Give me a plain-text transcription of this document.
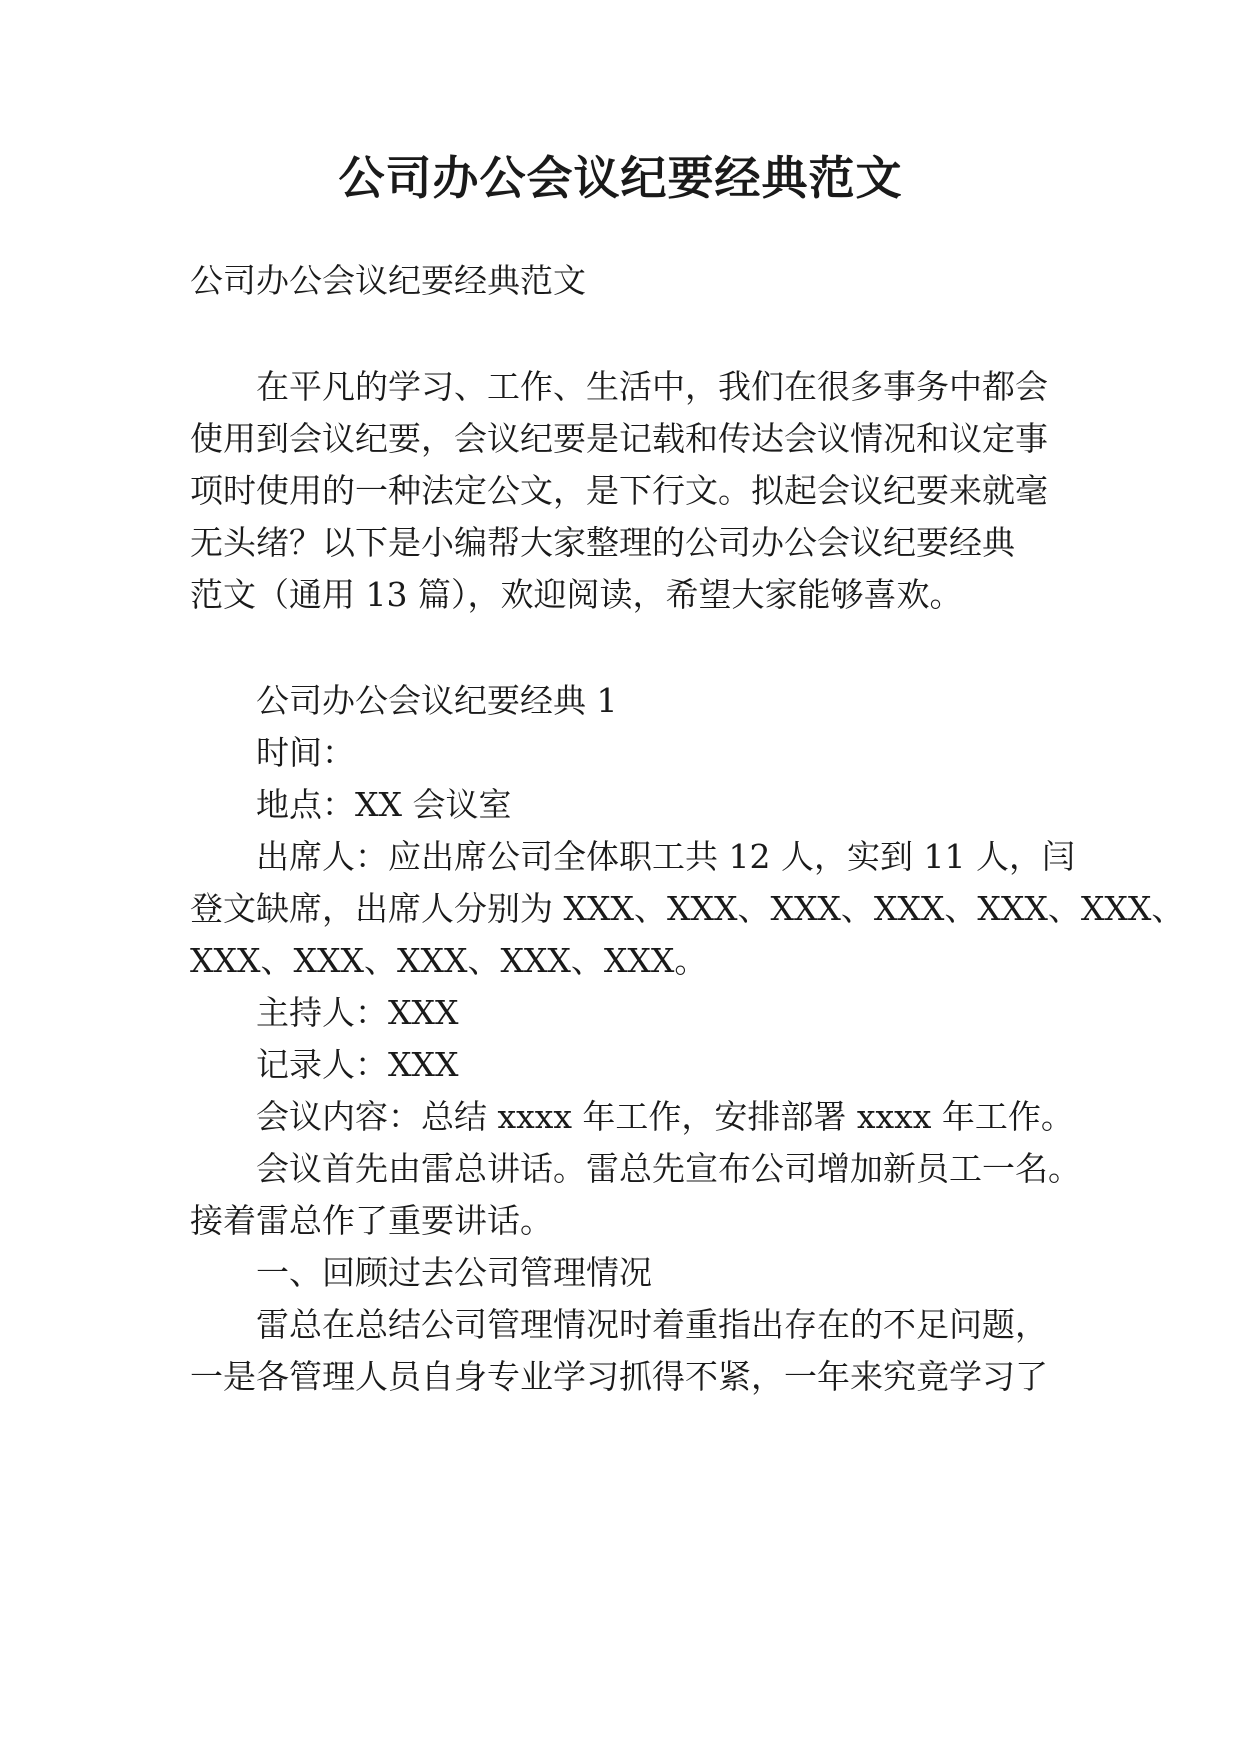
公司办公会议纪要经典范文

公司办公会议纪要经典范文

在平凡的学习、工作、生活中，我们在很多事务中都会

使用到会议纪要，会议纪要是记载和传达会议情况和议定事

项时使用的一种法定公文，是下行文。拟起会议纪要来就毫

无头绪？以下是小编帮大家整理的公司办公会议纪要经典

范文（通用 13 篇），欢迎阅读，希望大家能够喜欢。

公司办公会议纪要经典 1

时间：

地点：XX 会议室

出席人：应出席公司全体职工共 12 人，实到 11 人，闫

登文缺席，出席人分别为 XXX、XXX、XXX、XXX、XXX、XXX、

XXX、XXX、XXX、XXX、XXX。

主持人：XXX

记录人：XXX

会议内容：总结 xxxx 年工作，安排部署 xxxx 年工作。

会议首先由雷总讲话。雷总先宣布公司增加新员工一名。

接着雷总作了重要讲话。

一、回顾过去公司管理情况

雷总在总结公司管理情况时着重指出存在的不足问题，

一是各管理人员自身专业学习抓得不紧，一年来究竟学习了
